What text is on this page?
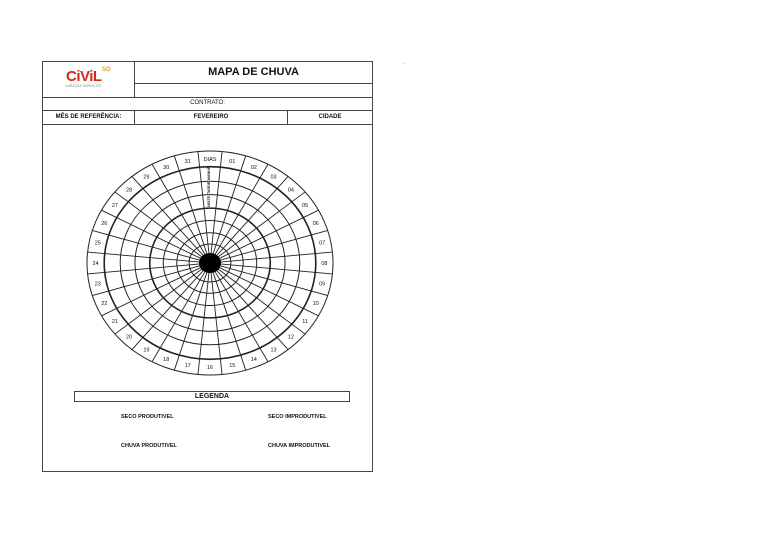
CiViL SO
CARACAS SERVIÇOS
MAPA DE CHUVA
CONTRATO:
MÊS DE REFERÊNCIA:	FEVEREIRO	CIDADE
DIAS 01
02
03
04
05
06
07
08
09
10
11
12
13
14
15
16
17
18
19
20
21
22
23
24
25
26
27
28
29
30
31
MANHÃ
TARDE
NOITE
LEGENDA
SECO PRODUTIVEL	SECO IMPRODUTIVEL
CHUVA PRODUTIVEL	CHUVA IMPRODUTIVEL
